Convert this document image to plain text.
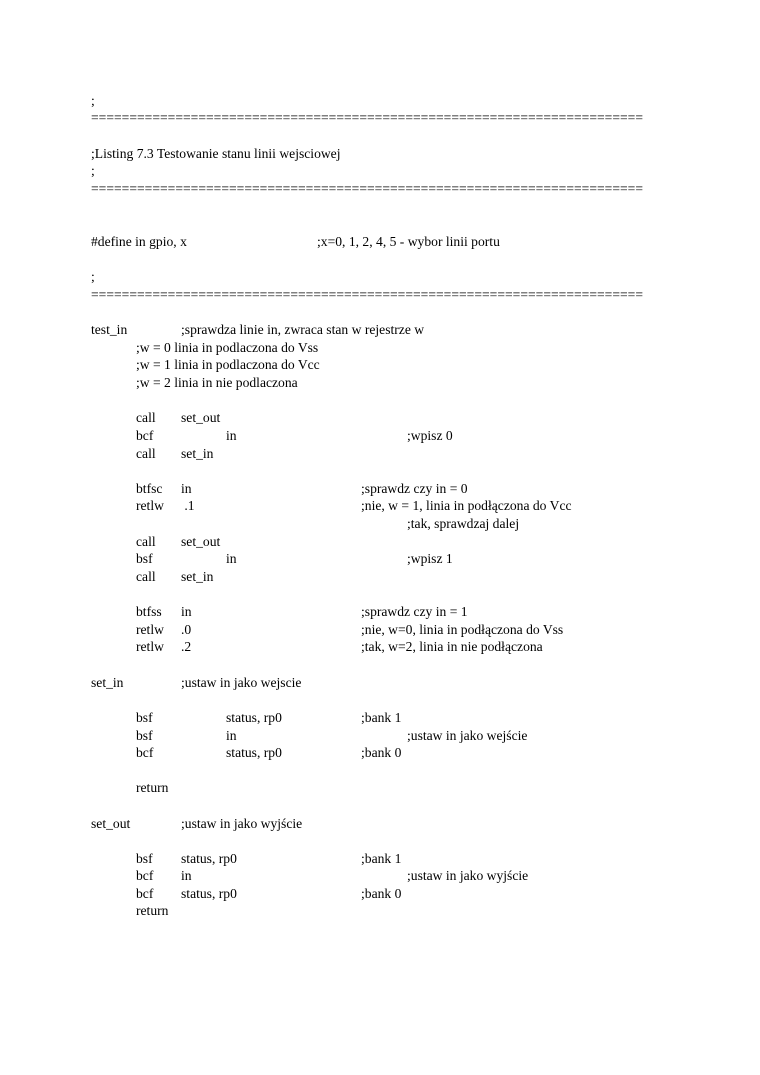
;
========================================================================
;Listing 7.3 Testowanie stanu linii wejsciowej
;
========================================================================
#define in gpio, x	;x=0, 1, 2, 4, 5 - wybor linii portu
;
========================================================================
test_in	;sprawdza linie in, zwraca stan w rejestrze w
;w = 0 linia in podlaczona do Vss
;w = 1 linia in podlaczona do Vcc
;w = 2 linia in nie podlaczona
call set_out
bcf	in	;wpisz 0
call set_in
btfsc in	;sprawdz czy in = 0
retlw .1	;nie, w = 1, linia in podłączona do Vcc
;tak, sprawdzaj dalej
call set_out
bsf	in	;wpisz 1
call set_in
btfss in	;sprawdz czy in = 1
retlw .0	;nie, w=0, linia in podłączona do Vss
retlw .2	;tak, w=2, linia in nie podłączona
set_in	;ustaw in jako wejscie
bsf	status, rp0	;bank 1
bsf	in	;ustaw in jako wejście
bcf	status, rp0	;bank 0
return
set_out	;ustaw in jako wyjście
bsf status, rp0	;bank 1
bcf in	;ustaw in jako wyjście
bcf status, rp0	;bank 0
return
